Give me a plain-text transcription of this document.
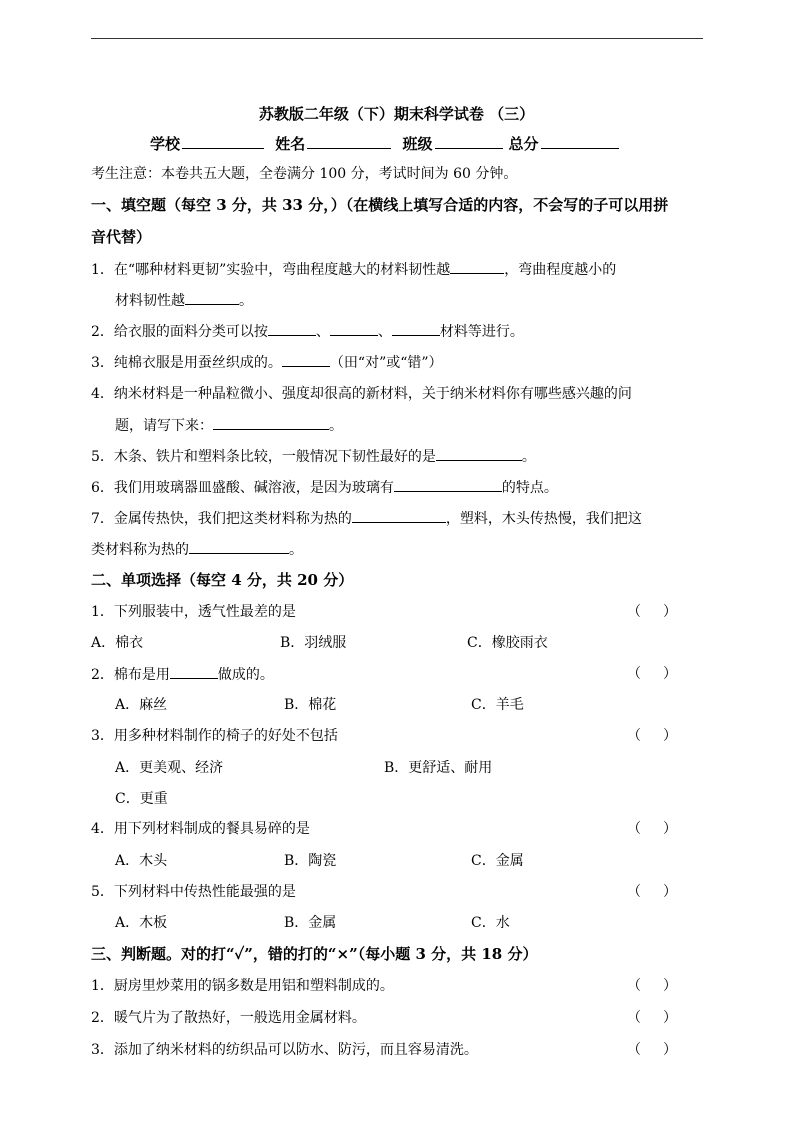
苏教版二年级（下）期末科学试卷 （三）
学校	姓名	班级	总分
考生注意：本卷共五大题，全卷满分 100 分，考试时间为 60 分钟。
一、填空题（每空 3 分，共 33 分，）（在横线上填写合适的内容，不会写的子可以用拼
音代替）
1．在“哪种材料更韧”实验中，弯曲程度越大的材料韧性越	，弯曲程度越小的
材料韧性越	。
2．给衣服的面料分类可以按	、	、	材料等进行。
3．纯棉衣服是用蚕丝织成的。	（田“对”或“错”）
4．纳米材料是一种晶粒微小、强度却很高的新材料，关于纳米材料你有哪些感兴趣的问
题，请写下来：	。
5．木条、铁片和塑料条比较，一般情况下韧性最好的是	。
6．我们用玻璃器皿盛酸、碱溶液，是因为玻璃有	的特点。
7．金属传热快，我们把这类材料称为热的	，塑料，木头传热慢，我们把这
类材料称为热的	。
二、单项选择（每空 4 分，共 20 分）
1．下列服装中，透气性最差的是	（ ）
A．棉衣	B．羽绒服	C．橡胶雨衣
2．棉布是用	做成的。	（ ）
A．麻丝	B．棉花	C．羊毛
3．用多种材料制作的椅子的好处不包括	（ ）
A．更美观、经济	B．更舒适、耐用
C．更重
4．用下列材料制成的餐具易碎的是	（ ）
A．木头	B．陶瓷	C．金属
5．下列材料中传热性能最强的是	（ ）
A．木板	B．金属	C．水
三、判断题。对的打“✓”，错的打的“×”（每小题 3 分，共 18 分）
1．厨房里炒菜用的锅多数是用铝和塑料制成的。	（ ）
2．暖气片为了散热好，一般选用金属材料。	（ ）
3．添加了纳米材料的纺织品可以防水、防污，而且容易清洗。	（ ）
